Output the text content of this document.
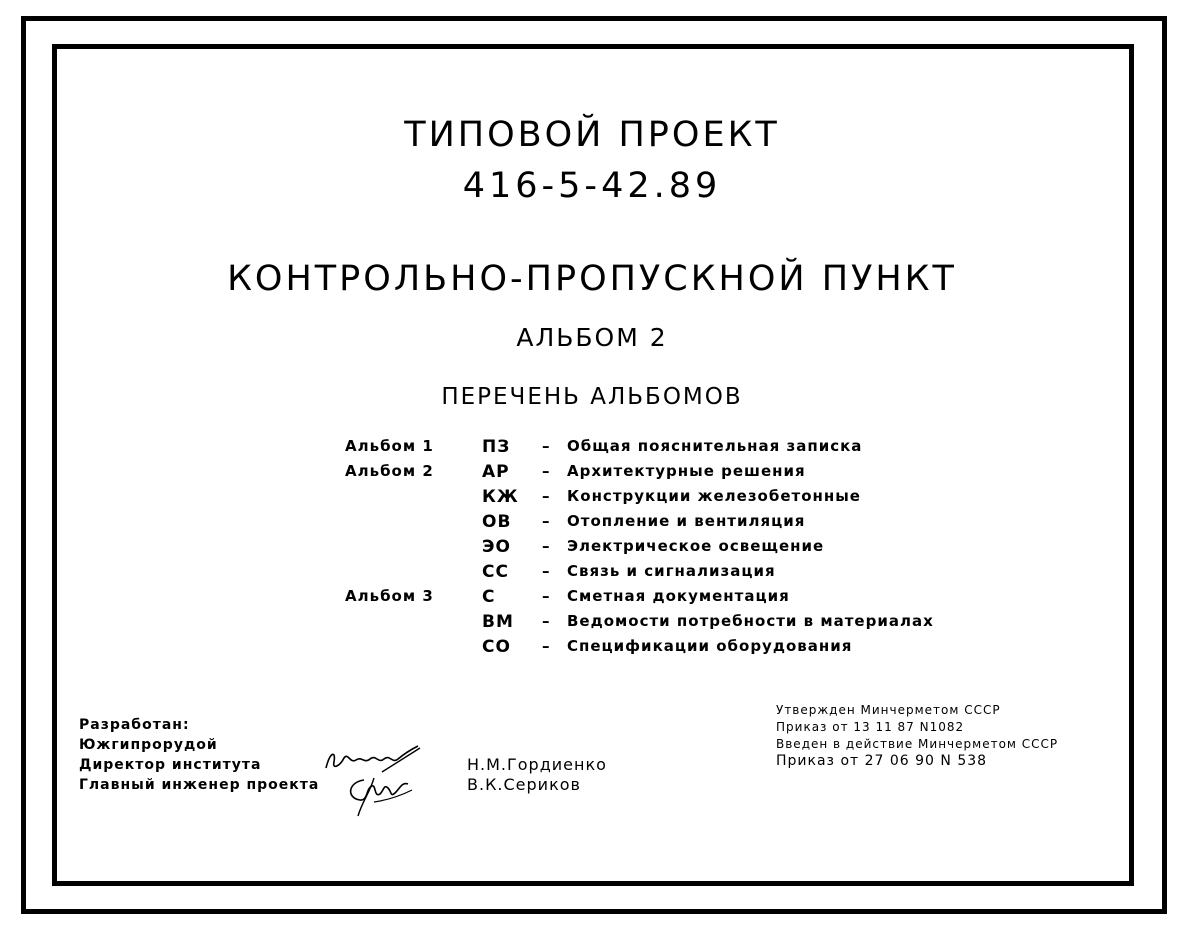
ТИПОВОЙ ПРОЕКТ
416-5-42.89
КОНТРОЛЬНО-ПРОПУСКНОЙ ПУНКТ
АЛЬБОМ 2
ПЕРЕЧЕНЬ АЛЬБОМОВ
Альбом 1	ПЗ – Общая пояснительная записка
Альбом 2	АР – Архитектурные решения
КЖ – Конструкции железобетонные
ОВ – Отопление и вентиляция
ЭО – Электрическое освещение
СС – Связь и сигнализация
Альбом 3	С	– Сметная документация
ВМ – Ведомости потребности в материалах
СО – Спецификации оборудования
Разработан:
Южгипрорудой
Директор института
Главный инженер проекта
Н.М.Гордиенко
В.К.Сериков
Утвержден Минчерметом СССР
Приказ от 13 11 87 N1082
Введен в действие Минчерметом СССР
Приказ от 27 06 90 N 538
